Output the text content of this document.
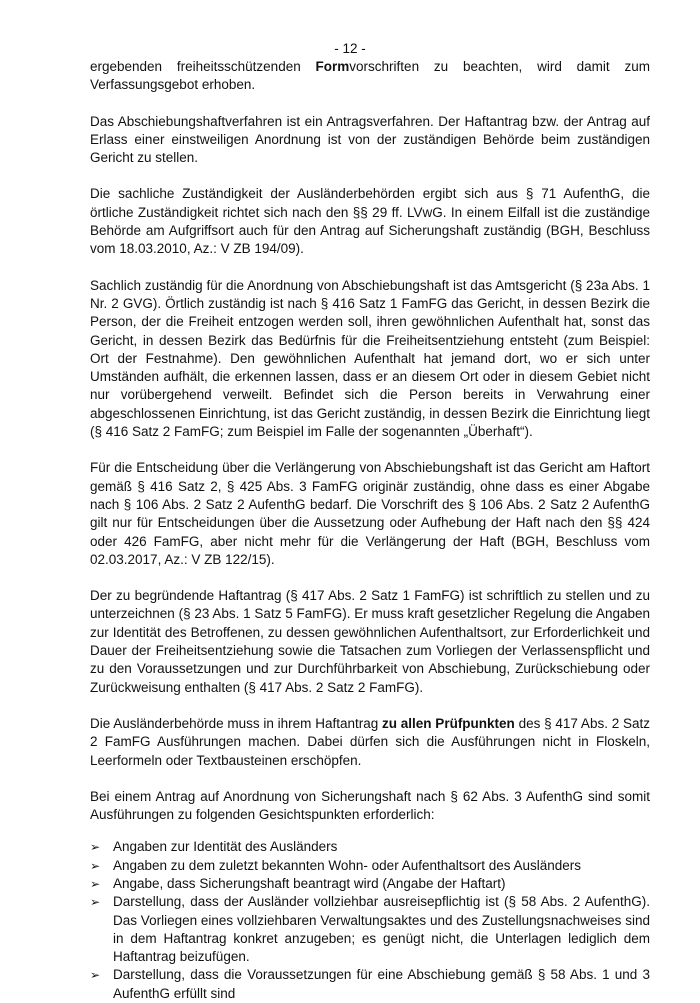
- 12 -

ergebenden freiheitsschützenden Formvorschriften zu beachten, wird damit zum Verfassungsgebot erhoben.

Das Abschiebungshaftverfahren ist ein Antragsverfahren. Der Haftantrag bzw. der Antrag auf Erlass einer einstweiligen Anordnung ist von der zuständigen Behörde beim zuständigen Gericht zu stellen.

Die sachliche Zuständigkeit der Ausländerbehörden ergibt sich aus § 71 AufenthG, die örtliche Zuständigkeit richtet sich nach den §§ 29 ff. LVwG. In einem Eilfall ist die zuständige Behörde am Aufgriffsort auch für den Antrag auf Sicherungshaft zuständig (BGH, Beschluss vom 18.03.2010, Az.: V ZB 194/09).

Sachlich zuständig für die Anordnung von Abschiebungshaft ist das Amtsgericht (§ 23a Abs. 1 Nr. 2 GVG). Örtlich zuständig ist nach § 416 Satz 1 FamFG das Gericht, in dessen Bezirk die Person, der die Freiheit entzogen werden soll, ihren gewöhnlichen Aufenthalt hat, sonst das Gericht, in dessen Bezirk das Bedürfnis für die Freiheitsentziehung entsteht (zum Beispiel: Ort der Festnahme). Den gewöhnlichen Aufenthalt hat jemand dort, wo er sich unter Umständen aufhält, die erkennen lassen, dass er an diesem Ort oder in diesem Gebiet nicht nur vorübergehend verweilt. Befindet sich die Person bereits in Verwahrung einer abgeschlossenen Einrichtung, ist das Gericht zuständig, in dessen Bezirk die Einrichtung liegt (§ 416 Satz 2 FamFG; zum Beispiel im Falle der sogenannten „Überhaft“).

Für die Entscheidung über die Verlängerung von Abschiebungshaft ist das Gericht am Haftort gemäß § 416 Satz 2, § 425 Abs. 3 FamFG originär zuständig, ohne dass es einer Abgabe nach § 106 Abs. 2 Satz 2 AufenthG bedarf. Die Vorschrift des § 106 Abs. 2 Satz 2 AufenthG gilt nur für Entscheidungen über die Aussetzung oder Aufhebung der Haft nach den §§ 424 oder 426 FamFG, aber nicht mehr für die Verlängerung der Haft (BGH, Beschluss vom 02.03.2017, Az.: V ZB 122/15).

Der zu begründende Haftantrag (§ 417 Abs. 2 Satz 1 FamFG) ist schriftlich zu stellen und zu unterzeichnen (§ 23 Abs. 1 Satz 5 FamFG). Er muss kraft gesetzlicher Regelung die Angaben zur Identität des Betroffenen, zu dessen gewöhnlichen Aufenthaltsort, zur Erforderlichkeit und Dauer der Freiheitsentziehung sowie die Tatsachen zum Vorliegen der Verlassenspflicht und zu den Voraussetzungen und zur Durchführbarkeit von Abschiebung, Zurückschiebung oder Zurückweisung enthalten (§ 417 Abs. 2 Satz 2 FamFG).

Die Ausländerbehörde muss in ihrem Haftantrag zu allen Prüfpunkten des § 417 Abs. 2 Satz 2 FamFG Ausführungen machen. Dabei dürfen sich die Ausführungen nicht in Floskeln, Leerformeln oder Textbausteinen erschöpfen.

Bei einem Antrag auf Anordnung von Sicherungshaft nach § 62 Abs. 3 AufenthG sind somit Ausführungen zu folgenden Gesichtspunkten erforderlich:

➢ Angaben zur Identität des Ausländers
➢ Angaben zu dem zuletzt bekannten Wohn- oder Aufenthaltsort des Ausländers
➢ Angabe, dass Sicherungshaft beantragt wird (Angabe der Haftart)
➢ Darstellung, dass der Ausländer vollziehbar ausreisepflichtig ist (§ 58 Abs. 2 AufenthG). Das Vorliegen eines vollziehbaren Verwaltungsaktes und des Zustellungsnachweises sind in dem Haftantrag konkret anzugeben; es genügt nicht, die Unterlagen lediglich dem Haftantrag beizufügen.
➢ Darstellung, dass die Voraussetzungen für eine Abschiebung gemäß § 58 Abs. 1 und 3 AufenthG erfüllt sind
